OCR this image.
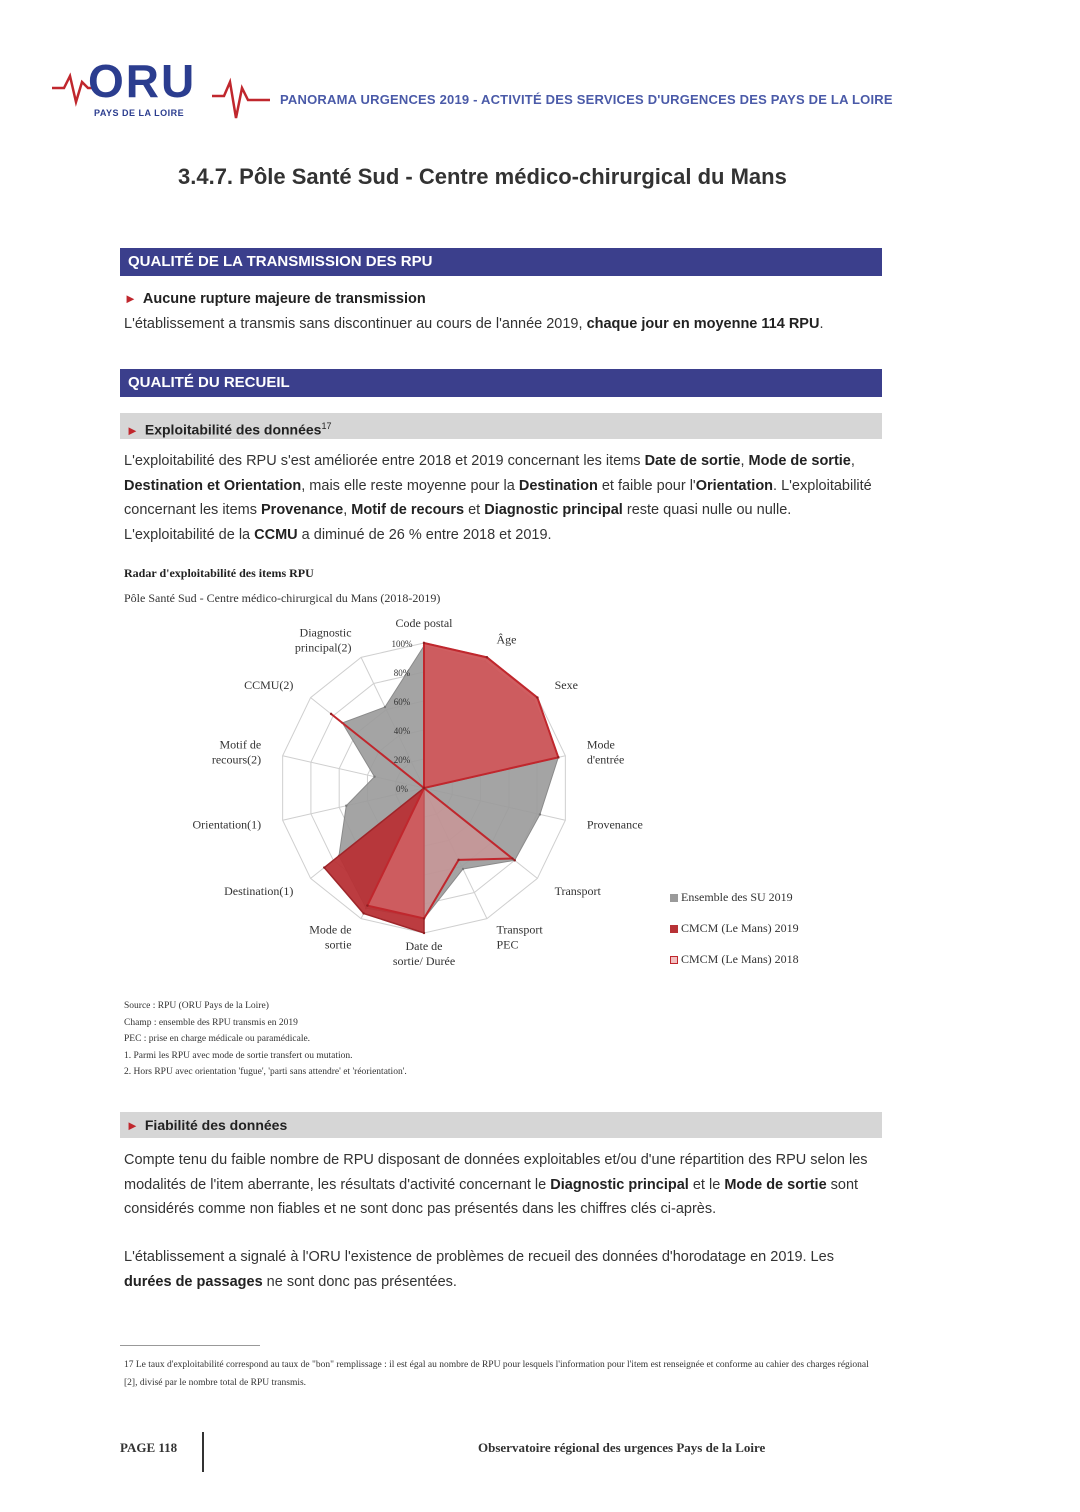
ORU
PAYS DE LA LOIRE
PANORAMA URGENCES 2019 - ACTIVITÉ DES SERVICES D'URGENCES DES PAYS DE LA LOIRE
3.4.7. Pôle Santé Sud - Centre médico-chirurgical du Mans
QUALITÉ DE LA TRANSMISSION DES RPU
► Aucune rupture majeure de transmission
L'établissement a transmis sans discontinuer au cours de l'année 2019, chaque jour en moyenne 114 RPU.
QUALITÉ DU RECUEIL
► Exploitabilité des données$^{17}$
L'exploitabilité des RPU s'est améliorée entre 2018 et 2019 concernant les items Date de sortie, Mode de sortie, Destination et Orientation, mais elle reste moyenne pour la Destination et faible pour l'Orientation. L'exploitabilité concernant les items Provenance, Motif de recours et Diagnostic principal reste quasi nulle ou nulle. L'exploitabilité de la CCMU a diminué de 26 % entre 2018 et 2019.
Radar d'exploitabilité des items RPU
Pôle Santé Sud - Centre médico-chirurgical du Mans (2018-2019)
0%
20%
40%
60%
80%
100%
Code postal
Âge
Sexe
Mode d'entrée
Provenance
Transport
Transport PEC
Date de sortie/ Durée
Mode de sortie
Destination(1)
Orientation(1)
Motif de recours(2)
CCMU(2)
Diagnostic principal(2)
Ensemble des SU 2019
CMCM (Le Mans) 2019
CMCM (Le Mans) 2018
Source : RPU (ORU Pays de la Loire)
Champ : ensemble des RPU transmis en 2019
PEC : prise en charge médicale ou paramédicale.
1. Parmi les RPU avec mode de sortie transfert ou mutation.
2. Hors RPU avec orientation 'fugue', 'parti sans attendre' et 'réorientation'.
► Fiabilité des données
Compte tenu du faible nombre de RPU disposant de données exploitables et/ou d'une répartition des RPU selon les modalités de l'item aberrante, les résultats d'activité concernant le Diagnostic principal et le Mode de sortie sont considérés comme non fiables et ne sont donc pas présentés dans les chiffres clés ci-après.
L'établissement a signalé à l'ORU l'existence de problèmes de recueil des données d'horodatage en 2019. Les durées de passages ne sont donc pas présentées.
17 Le taux d'exploitabilité correspond au taux de "bon" remplissage : il est égal au nombre de RPU pour lesquels l'information pour l'item est renseignée et conforme au cahier des charges régional [2], divisé par le nombre total de RPU transmis.
PAGE 118	Observatoire régional des urgences Pays de la Loire
